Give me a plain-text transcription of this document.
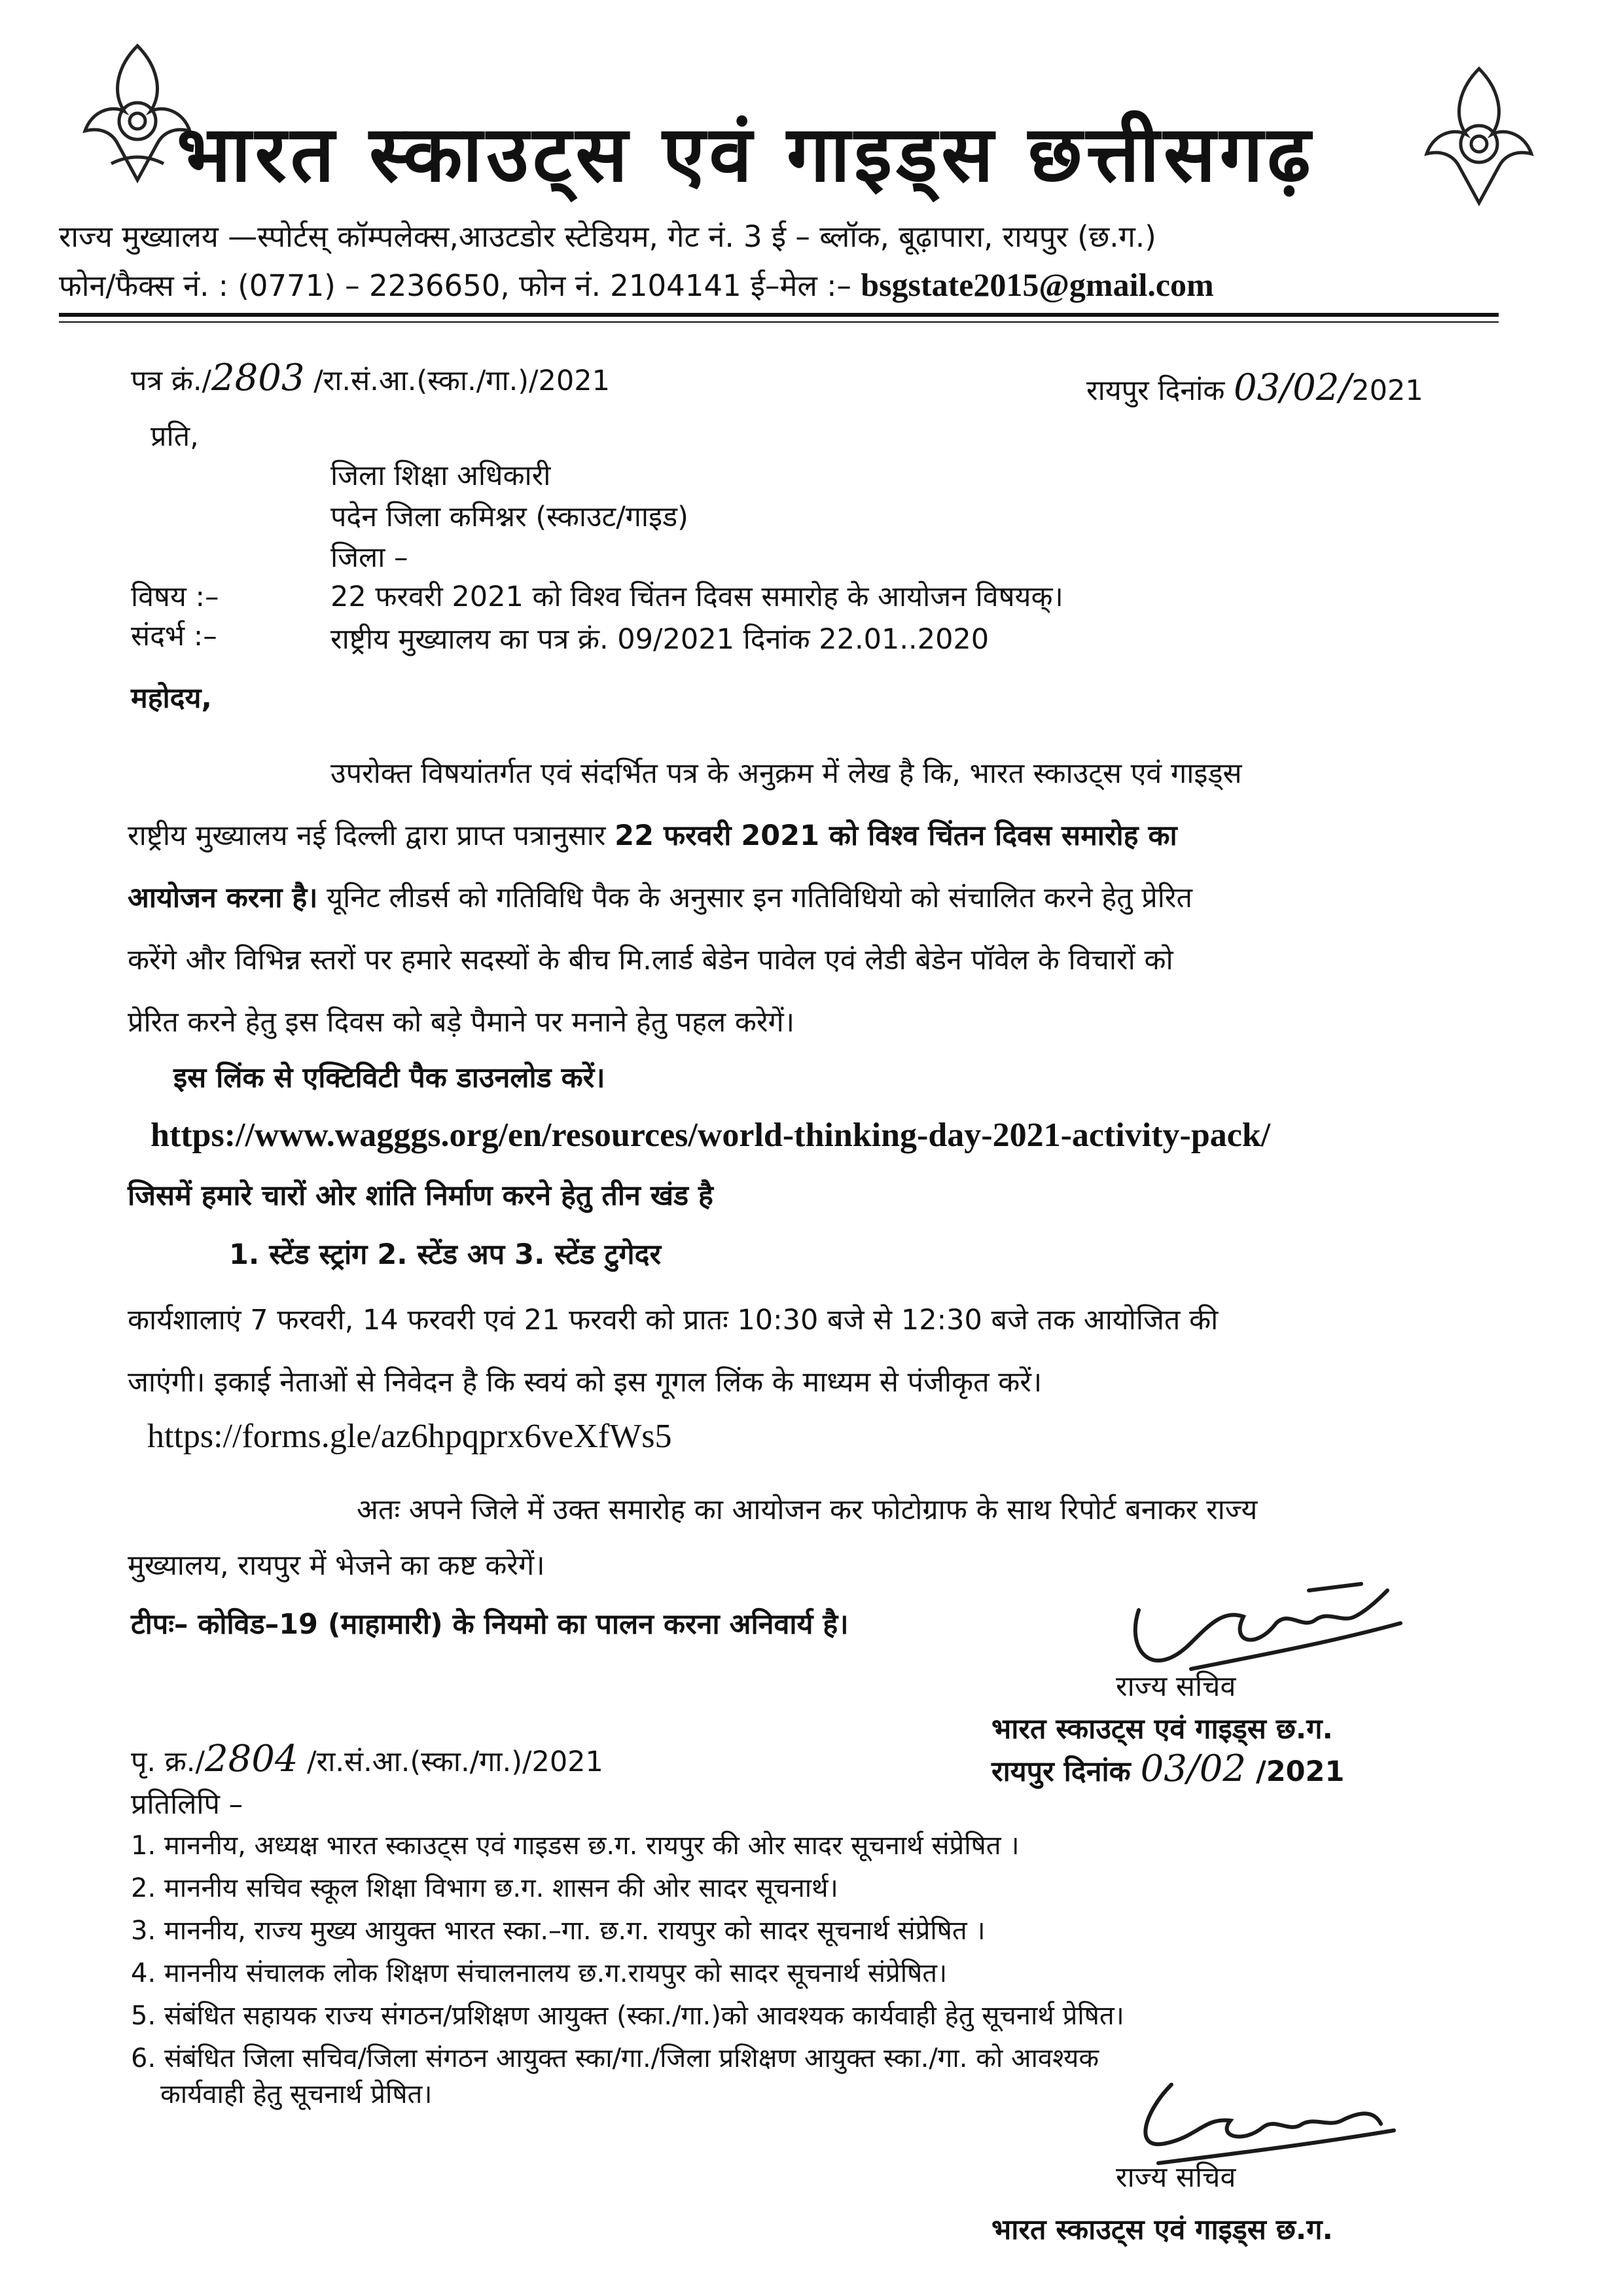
भारत स्काउट्स एवं गाइड्स छत्तीसगढ़
राज्य मुख्यालय —स्पोर्टस् कॉम्पलेक्स,आउटडोर स्टेडियम, गेट नं. 3 ई – ब्लॉक, बूढ़ापारा, रायपुर (छ.ग.)
फोन/फैक्स नं. : (0771) – 2236650, फोन नं. 2104141 ई–मेल :– bsgstate2015@gmail.com
पत्र क्रं./2803 /रा.सं.आ.(स्का./गा.)/2021	रायपुर दिनांक 03/02/2021
प्रति,
जिला शिक्षा अधिकारी
पदेन जिला कमिश्नर (स्काउट/गाइड)
जिला –
विषय :–	22 फरवरी 2021 को विश्व चिंतन दिवस समारोह के आयोजन विषयक्।
संदर्भ :–	राष्ट्रीय मुख्यालय का पत्र क्रं. 09/2021 दिनांक 22.01..2020
महोदय,
उपरोक्त विषयांतर्गत एवं संदर्भित पत्र के अनुक्रम में लेख है कि, भारत स्काउट्स एवं गाइड्स
राष्ट्रीय मुख्यालय नई दिल्ली द्वारा प्राप्त पत्रानुसार 22 फरवरी 2021 को विश्व चिंतन दिवस समारोह का
आयोजन करना है। यूनिट लीडर्स को गतिविधि पैक के अनुसार इन गतिविधियो को संचालित करने हेतु प्रेरित
करेंगे और विभिन्न स्तरों पर हमारे सदस्यों के बीच मि.लार्ड बेडेन पावेल एवं लेडी बेडेन पॉवेल के विचारों को
प्रेरित करने हेतु इस दिवस को बड़े पैमाने पर मनाने हेतु पहल करेगें।
इस लिंक से एक्टिविटी पैक डाउनलोड करें।
https://www.wagggs.org/en/resources/world-thinking-day-2021-activity-pack/
जिसमें हमारे चारों ओर शांति निर्माण करने हेतु तीन खंड है
1. स्टेंड स्ट्रांग 2. स्टेंड अप 3. स्टेंड टुगेदर
कार्यशालाएं 7 फरवरी, 14 फरवरी एवं 21 फरवरी को प्रातः 10:30 बजे से 12:30 बजे तक आयोजित की
जाएंगी। इकाई नेताओं से निवेदन है कि स्वयं को इस गूगल लिंक के माध्यम से पंजीकृत करें।
https://forms.gle/az6hpqprx6veXfWs5
अतः अपने जिले में उक्त समारोह का आयोजन कर फोटोग्राफ के साथ रिपोर्ट बनाकर राज्य
मुख्यालय, रायपुर में भेजने का कष्ट करेगें।
टीपः– कोविड–19 (माहामारी) के नियमो का पालन करना अनिवार्य है।
राज्य सचिव
भारत स्काउट्स एवं गाइड्स छ.ग.
पृ. क्र./2804 /रा.सं.आ.(स्का./गा.)/2021	रायपुर दिनांक 03/02 /2021
प्रतिलिपि –
1. माननीय, अध्यक्ष भारत स्काउट्स एवं गाइडस छ.ग. रायपुर की ओर सादर सूचनार्थ संप्रेषित ।
2. माननीय सचिव स्कूल शिक्षा विभाग छ.ग. शासन की ओर सादर सूचनार्थ।
3. माननीय, राज्य मुख्य आयुक्त भारत स्का.–गा. छ.ग. रायपुर को सादर सूचनार्थ संप्रेषित ।
4. माननीय संचालक लोक शिक्षण संचालनालय छ.ग.रायपुर को सादर सूचनार्थ संप्रेषित।
5. संबंधित सहायक राज्य संगठन/प्रशिक्षण आयुक्त (स्का./गा.)को आवश्यक कार्यवाही हेतु सूचनार्थ प्रेषित।
6. संबंधित जिला सचिव/जिला संगठन आयुक्त स्का/गा./जिला प्रशिक्षण आयुक्त स्का./गा. को आवश्यक
कार्यवाही हेतु सूचनार्थ प्रेषित।
राज्य सचिव
भारत स्काउट्स एवं गाइड्स छ.ग.
